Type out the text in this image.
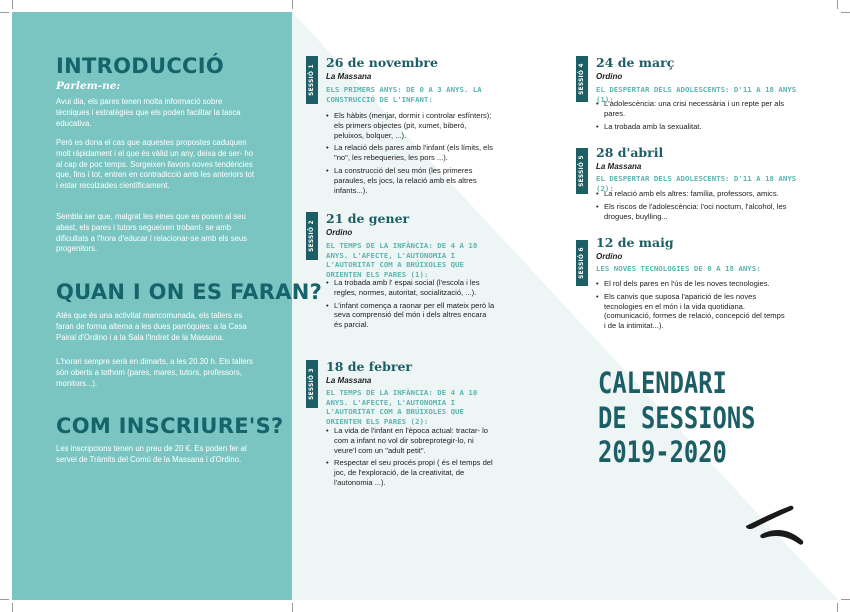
INTRODUCCIÓ

Parlem-ne:

Avui dia, els pares tenen molta informació sobre tècniques i estratègies que els poden facilitar la tasca educativa.

Però es dona el cas que aquestes propostes caduquen molt ràpidament i el que és vàlid un any, deixa de ser- ho al cap de poc temps. Sorgeixen llavors noves tendències que, fins i tot, entren en contradicció amb les anteriors tot i estar recolzades científicament.

Sembla ser que, malgrat les eines que es posen al seu abast, els pares i tutors segueixen trobant- se amb dificultats a l'hora d'educar i relacionar-se amb els seus progenitors.

QUAN I ON ES FARAN?

Atès que és una activitat mancomunada, els tallers es faran de forma alterna a les dues parròquies: a la Casa Pairal d'Ordino i a la Sala l'Indret de la Massana.

L'horari sempre serà en dimarts, a les 20.30 h. Els tallers són oberts a tothom (pares, mares, tutors, professors, monitors...).

COM INSCRIURE'S?

Les inscripcions tenen un preu de 20 €. Es poden fer al servei de Tràmits del Comú de la Massana i d'Ordino.

SESSIÓ 1
26 de novembre

La Massana

ELS PRIMERS ANYS: DE 0 A 3 ANYS. LA CONSTRUCCIÓ DE L'INFANT:

• Els hàbits (menjar, dormir i controlar esfínters); els primers objectes (pit, xumet, biberó, peluixos, bolquer, ...).
• La relació dels pares amb l'infant (els límits, els "no", les rebequeries, les pors ...).
• La construcció del seu món (les primeres paraules, els jocs, la relació amb els altres infants...).
SESSIÓ 2
21 de gener

Ordino

EL TEMPS DE LA INFÀNCIA: DE 4 A 10 ANYS. L'AFECTE, L'AUTONOMIA I L'AUTORITAT COM A BRÚIXOLES QUE ORIENTEN ELS PARES (1):

• La trobada amb l' espai social (l'escola i les regles, normes, autoritat, socialització, ...).
• L'infant comença a raonar per ell mateix però la seva comprensió del món i dels altres encara és parcial.
SESSIÓ 3
18 de febrer

La Massana

EL TEMPS DE LA INFÀNCIA: DE 4 A 10 ANYS. L'AFECTE, L'AUTONOMIA I L'AUTORITAT COM A BRÚIXOLES QUE ORIENTEN ELS PARES (2):

• La vida de l'infant en l'època actual: tractar- lo com a infant no vol dir sobreprotegir-lo, ni veure'l com un "adult petit".
• Respectar el seu procés propi ( és el temps del joc, de l'exploració, de la creativitat, de l'autonomia ...).
SESSIÓ 4
24 de març

Ordino

EL DESPERTAR DELS ADOLESCENTS: D'11 A 18 ANYS (1):

• L'adolescència: una crisi necessària i un repte per als pares.
• La trobada amb la sexualitat.
SESSIÓ 5
28 d'abril

La Massana

EL DESPERTAR DELS ADOLESCENTS: D'11 A 18 ANYS (2):

• La relació amb els altres: família, professors, amics.
• Els riscos de l'adolescència: l'oci nocturn, l'alcohol, les drogues, buylling...
SESSIÓ 6
12 de maig

LES NOVES TECNOLOGIES DE 0 A 18 ANYS:

Ordino

• El rol dels pares en l'ús de les noves tecnologies.
• Els canvis que suposa l'aparició de les noves tecnologies en el món i la vida quotidiana. (comunicació, formes de relació, concepció del temps i de la intimitat...).
CALENDARI
DE SESSIONS
2019-2020
